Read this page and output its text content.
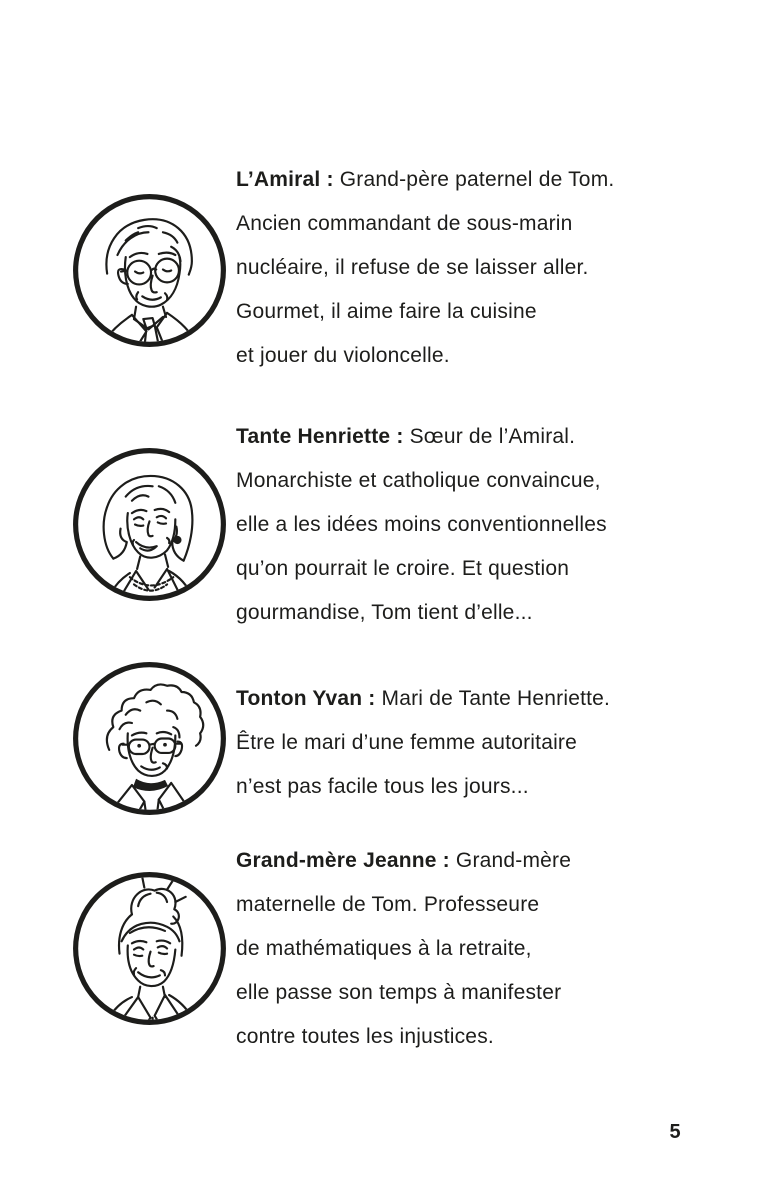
L’Amiral : Grand-père paternel de Tom.
Ancien commandant de sous-marin
nucléaire, il refuse de se laisser aller.
Gourmet, il aime faire la cuisine
et jouer du violoncelle.
Tante Henriette : Sœur de l’Amiral.
Monarchiste et catholique convaincue,
elle a les idées moins conventionnelles
qu’on pourrait le croire. Et question
gourmandise, Tom tient d’elle...
Tonton Yvan : Mari de Tante Henriette.
Être le mari d’une femme autoritaire
n’est pas facile tous les jours...
Grand-mère Jeanne : Grand-mère
maternelle de Tom. Professeure
de mathématiques à la retraite,
elle passe son temps à manifester
contre toutes les injustices.
5
